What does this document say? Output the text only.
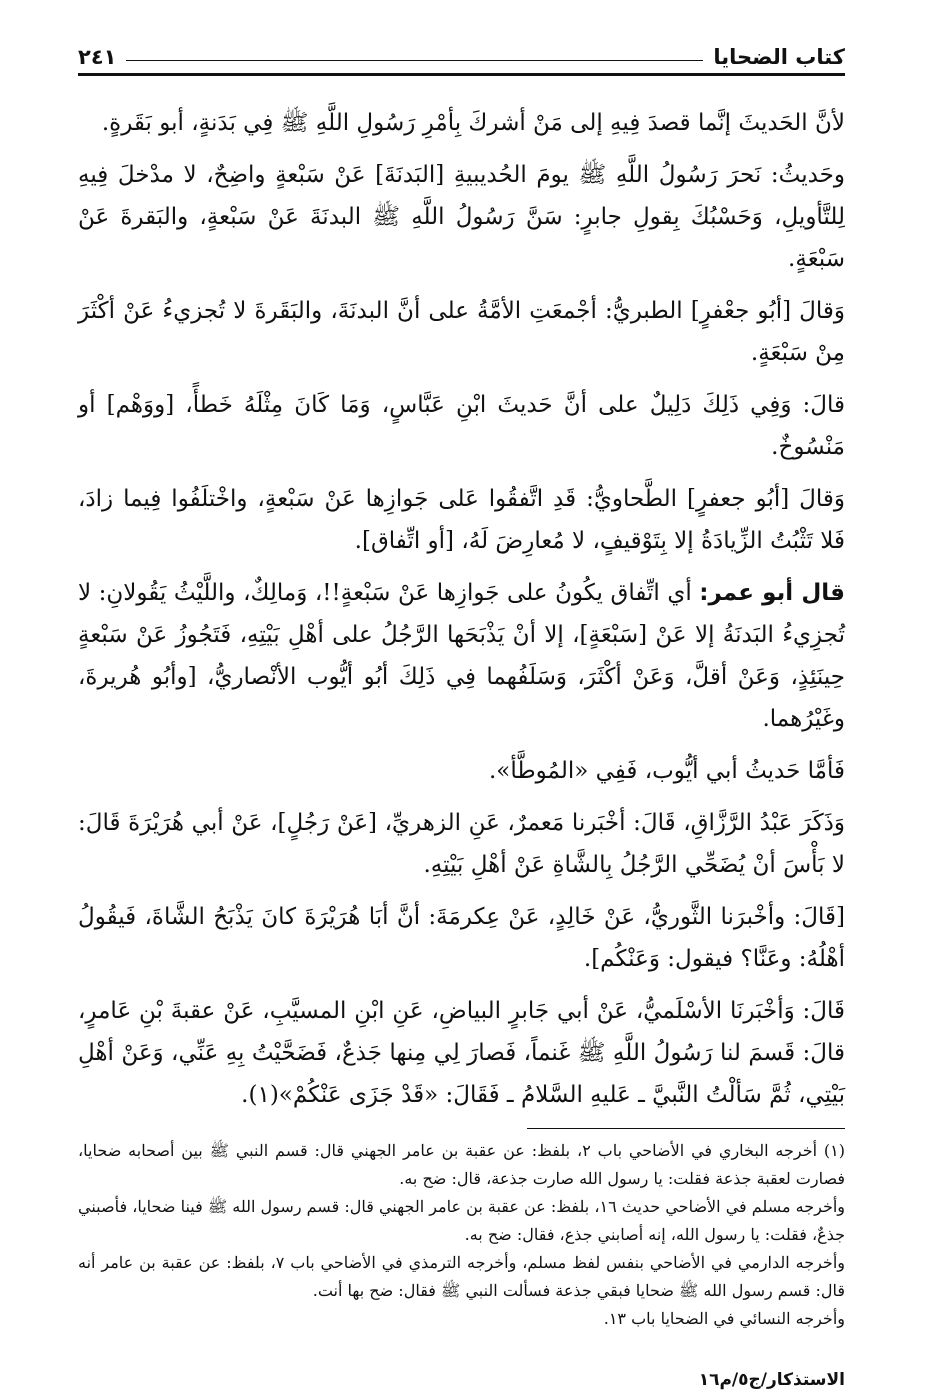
كتاب الضحايا
٢٤١

لأنَّ الحَديثَ إنَّما قصدَ فِيهِ إلى مَنْ أشركَ بِأمْرِ رَسُولِ اللَّهِ ﷺ فِي بَدَنةٍ، أبو بَقَرةٍ.

وحَديثُ: نَحرَ رَسُولُ اللَّهِ ﷺ يومَ الحُديبيةِ [البَدنَةَ] عَنْ سَبْعةٍ واضِحٌ، لا مدْخلَ فِيهِ لِلتَّأويلِ، وَحَسْبُكَ بِقولِ جابرٍ: سَنَّ رَسُولُ اللَّهِ ﷺ البدنَةَ عَنْ سَبْعةٍ، والبَقرةَ عَنْ سَبْعَةٍ.

وَقالَ [أبُو جعْفرٍ] الطبريُّ: أجْمعَتِ الأمَّةُ على أنَّ البدنَةَ، والبَقَرةَ لا تُجزيءُ عَنْ أكْثَرَ مِنْ سَبْعَةٍ.

قالَ: وَفِي ذَلِكَ دَلِيلٌ على أنَّ حَديثَ ابْنِ عَبَّاسٍ، وَمَا كَانَ مِثْلَهُ خَطأً، [ووَهْم] أو مَنْسُوخٌ.

وَقالَ [أبُو جعفرٍ] الطَّحاويُّ: قَدِ اتَّفقُوا عَلى جَوازِها عَنْ سَبْعةٍ، واخْتلَفُوا فِيما زادَ، فَلا تَثْبُتُ الزِّيادَةُ إلا بِتَوْقيفٍ، لا مُعارِضَ لَهُ، [أو اتِّفاق].

قال أبو عمر: أي اتِّفاق يكُونُ على جَوازِها عَنْ سَبْعةٍ!!، وَمالِكٌ، واللَّيْثُ يَقُولانِ: لا تُجزِيءُ البَدنَةُ إلا عَنْ [سَبْعَةٍ]، إلا أنْ يَذْبَحَها الرَّجُلُ على أهْلِ بَيْتِهِ، فَتَجُوزُ عَنْ سَبْعةٍ حِينَئِذٍ، وَعَنْ أقلَّ، وَعَنْ أكْثَرَ، وَسَلَفُهما فِي ذَلِكَ أبُو أيُّوب الأنْصاريُّ، [وأبُو هُريرةَ، وغَيْرُهما.

فَأمَّا حَديثُ أبي أيُّوب، فَفِي «المُوطَّأ».

وَذَكَرَ عَبْدُ الرَّزَّاقِ، قَالَ: أخْبَرنا مَعمرٌ، عَنِ الزهريِّ، [عَنْ رَجُلٍ]، عَنْ أبي هُرَيْرَةَ قَالَ: لا بَأْسَ أنْ يُضَحِّي الرَّجُلُ بِالشَّاةِ عَنْ أهْلِ بَيْتِهِ.

[قَالَ: وأخْبرَنا الثَّوريُّ، عَنْ خَالِدٍ، عَنْ عِكرمَةَ: أنَّ أبَا هُرَيْرَةَ كانَ يَذْبَحُ الشَّاةَ، فَيقُولُ أهْلُهُ: وعَنَّا؟ فيقول: وَعَنْكُم].

قَالَ: وَأخْبَرنَا الأسْلَميُّ، عَنْ أبي جَابرٍ البياضِ، عَنِ ابْنِ المسيَّبِ، عَنْ عقبةَ بْنِ عَامرٍ، قالَ: قَسمَ لنا رَسُولُ اللَّهِ ﷺ غَنماً، فَصارَ لِي مِنها جَذعٌ، فَضَحَّيْتُ بِهِ عَنِّي، وَعَنْ أهْلِ بَيْتِي، ثُمَّ سَألْتُ النَّبيَّ ـ عَليهِ السَّلامُ ـ فَقَالَ: «قَدْ جَزَى عَنْكُمْ»(١).

(١) أخرجه البخاري في الأضاحي باب ٢، بلفظ: عن عقبة بن عامر الجهني قال: قسم النبي ﷺ بين أصحابه ضحايا، فصارت لعقبة جذعة فقلت: يا رسول الله صارت جذعة، قال: ضح به.

وأخرجه مسلم في الأضاحي حديث ١٦، بلفظ: عن عقبة بن عامر الجهني قال: قسم رسول الله ﷺ فينا ضحايا، فأصبني جذعٌ، فقلت: يا رسول الله، إنه أصابني جذع، فقال: ضح به.

وأخرجه الدارمي في الأضاحي بنفس لفظ مسلم، وأخرجه الترمذي في الأضاحي باب ٧، بلفظ: عن عقبة بن عامر أنه قال: قسم رسول الله ﷺ ضحايا فبقي جذعة فسألت النبي ﷺ فقال: ضح بها أنت.

وأخرجه النسائي في الضحايا باب ١٣.

الاستذكار/ج٥/م١٦
